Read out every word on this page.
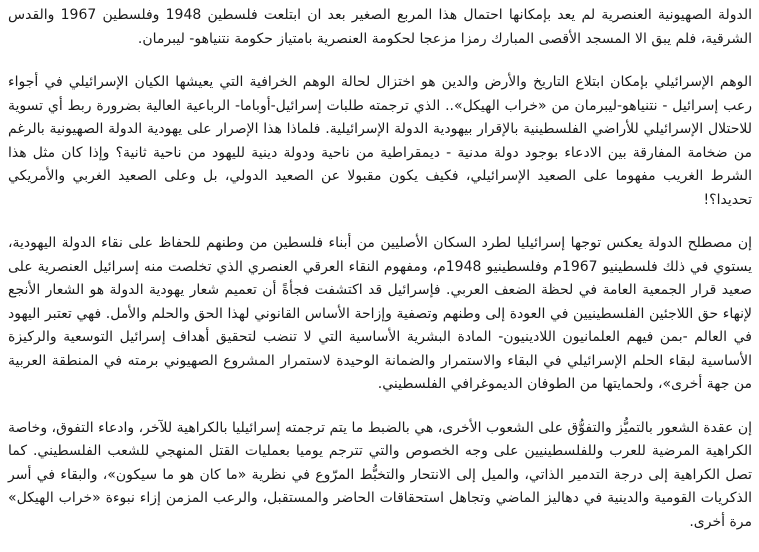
الدولة الصهيونية العنصرية لم يعد بإمكانها احتمال هذا المربع الصغير بعد ان ابتلعت فلسطين 1948 وفلسطين 1967 والقدس الشرقية، فلم يبق الا المسجد الأقصى المبارك رمزا مزعجا لحكومة العنصرية بامتياز حكومة نتنياهو- ليبرمان.

الوهم الإسرائيلي بإمكان ابتلاع التاريخ والأرض والدين هو اختزال لحالة الوهم الخرافية التي يعيشها الكيان الإسرائيلي في أجواء رعب إسرائيل - نتنياهو-ليبرمان من «خراب الهيكل».. الذي ترجمته طلبات إسرائيل-أوباما- الرباعية العالية بضرورة ربط أي تسوية للاحتلال الإسرائيلي للأراضي الفلسطينية بالإقرار بيهودية الدولة الإسرائيلية. فلماذا هذا الإصرار على يهودية الدولة الصهيونية بالرغم من ضخامة المفارقة بين الادعاء بوجود دولة مدنية - ديمقراطية من ناحية ودولة دينية لليهود من ناحية ثانية؟ وإذا كان مثل هذا الشرط الغريب مفهوما على الصعيد الإسرائيلي، فكيف يكون مقبولا عن الصعيد الدولي، بل وعلى الصعيد الغربي والأمريكي تحديدا؟!

إن مصطلح الدولة يعكس توجها إسرائيليا لطرد السكان الأصليين من أبناء فلسطين من وطنهم للحفاظ على نقاء الدولة اليهودية، يستوي في ذلك فلسطينيو 1967م وفلسطينيو 1948م، ومفهوم النقاء العرقي العنصري الذي تخلصت منه إسرائيل العنصرية على صعيد قرار الجمعية العامة في لحظة الضعف العربي. فإسرائيل قد اكتشفت فجأةً أن تعميم شعار يهودية الدولة هو الشعار الأنجع لإنهاء حق اللاجئين الفلسطينيين في العودة إلى وطنهم وتصفية وإزاحة الأساس القانوني لهذا الحق والحلم والأمل. فهي تعتبر اليهود في العالم -بمن فيهم العلمانيون اللادينيون- المادة البشرية الأساسية التي لا تنضب لتحقيق أهداف إسرائيل التوسعية والركيزة الأساسية لبقاء الحلم الإسرائيلي في البقاء والاستمرار والضمانة الوحيدة لاستمرار المشروع الصهيوني برمته في المنطقة العربية من جهة أخرى»، ولحمايتها من الطوفان الديموغرافي الفلسطيني.

إن عقدة الشعور بالتميُّز والتفوُّق على الشعوب الأخرى، هي بالضبط ما يتم ترجمته إسرائيليا بالكراهية للآخر، وادعاء التفوق، وخاصة الكراهية المرضية للعرب وللفلسطينيين على وجه الخصوص والتي تترجم يوميا بعمليات القتل المنهجي للشعب الفلسطيني. كما تصل الكراهية إلى درجة التدمير الذاتي، والميل إلى الانتحار والتخبُّط المرّوع في نظرية «ما كان هو ما سيكون»، والبقاء في أسر الذكريات القومية والدينية في دهاليز الماضي وتجاهل استحقاقات الحاضر والمستقبل، والرعب المزمن إزاء نبوءة «خراب الهيكل» مرة أخرى.
